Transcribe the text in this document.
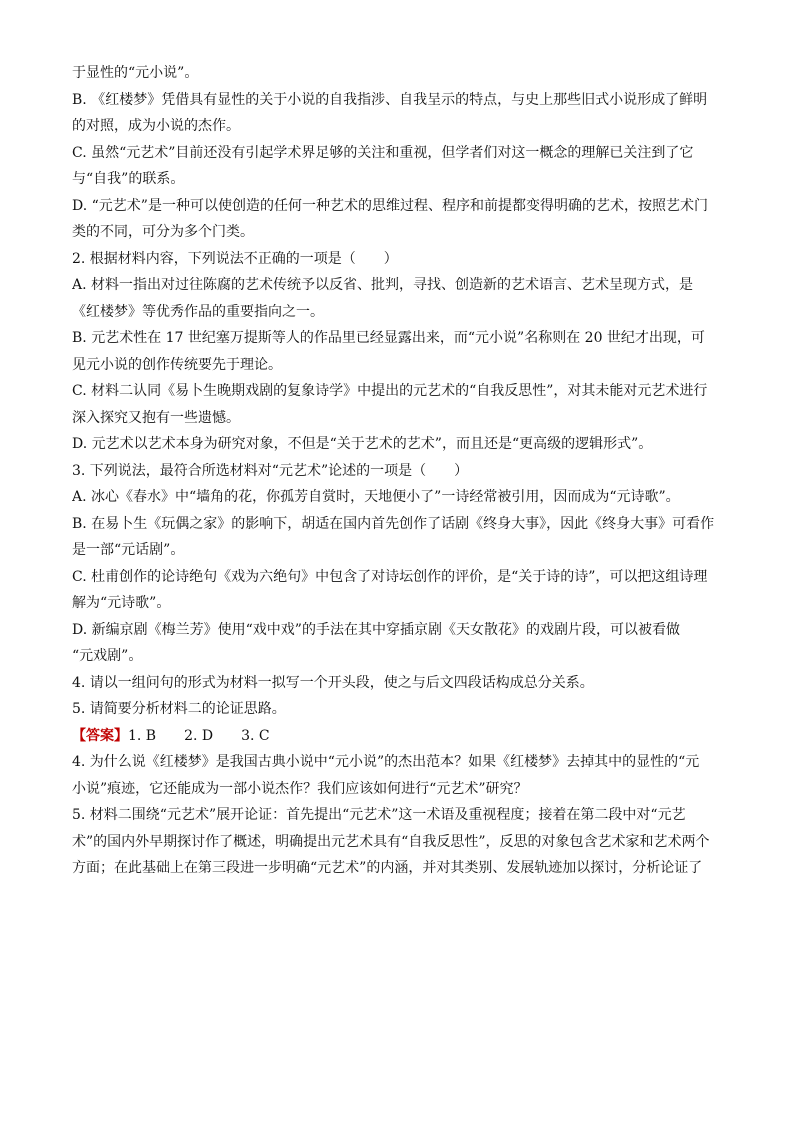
于显性的“元小说”。
B. 《红楼梦》凭借具有显性的关于小说的自我指涉、自我呈示的特点，与史上那些旧式小说形成了鲜明
的对照，成为小说的杰作。
C. 虽然“元艺术”目前还没有引起学术界足够的关注和重视，但学者们对这一概念的理解已关注到了它
与“自我”的联系。
D. “元艺术”是一种可以使创造的任何一种艺术的思维过程、程序和前提都变得明确的艺术，按照艺术门
类的不同，可分为多个门类。
2. 根据材料内容，下列说法不正确的一项是（　　）
A. 材料一指出对过往陈腐的艺术传统予以反省、批判，寻找、创造新的艺术语言、艺术呈现方式，是
《红楼梦》等优秀作品的重要指向之一。
B. 元艺术性在 17 世纪塞万提斯等人的作品里已经显露出来，而“元小说”名称则在 20 世纪才出现，可
见元小说的创作传统要先于理论。
C. 材料二认同《易卜生晚期戏剧的复象诗学》中提出的元艺术的“自我反思性”，对其未能对元艺术进行
深入探究又抱有一些遗憾。
D. 元艺术以艺术本身为研究对象，不但是“关于艺术的艺术”，而且还是“更高级的逻辑形式”。
3. 下列说法，最符合所选材料对“元艺术”论述的一项是（　　）
A. 冰心《春水》中“墙角的花，你孤芳自赏时，天地便小了”一诗经常被引用，因而成为“元诗歌”。
B. 在易卜生《玩偶之家》的影响下，胡适在国内首先创作了话剧《终身大事》，因此《终身大事》可看作
是一部“元话剧”。
C. 杜甫创作的论诗绝句《戏为六绝句》中包含了对诗坛创作的评价，是“关于诗的诗”，可以把这组诗理
解为“元诗歌”。
D. 新编京剧《梅兰芳》使用“戏中戏”的手法在其中穿插京剧《天女散花》的戏剧片段，可以被看做
“元戏剧”。
4. 请以一组问句的形式为材料一拟写一个开头段，使之与后文四段话构成总分关系。
5. 请简要分析材料二的论证思路。
【答案】1. B　　2. D　　3. C
4. 为什么说《红楼梦》是我国古典小说中“元小说”的杰出范本？如果《红楼梦》去掉其中的显性的“元
小说”痕迹，它还能成为一部小说杰作？我们应该如何进行“元艺术”研究？
5. 材料二围绕“元艺术”展开论证：首先提出“元艺术”这一术语及重视程度；接着在第二段中对“元艺
术”的国内外早期探讨作了概述，明确提出元艺术具有“自我反思性”，反思的对象包含艺术家和艺术两个
方面；在此基础上在第三段进一步明确“元艺术”的内涵，并对其类别、发展轨迹加以探讨，分析论证了
